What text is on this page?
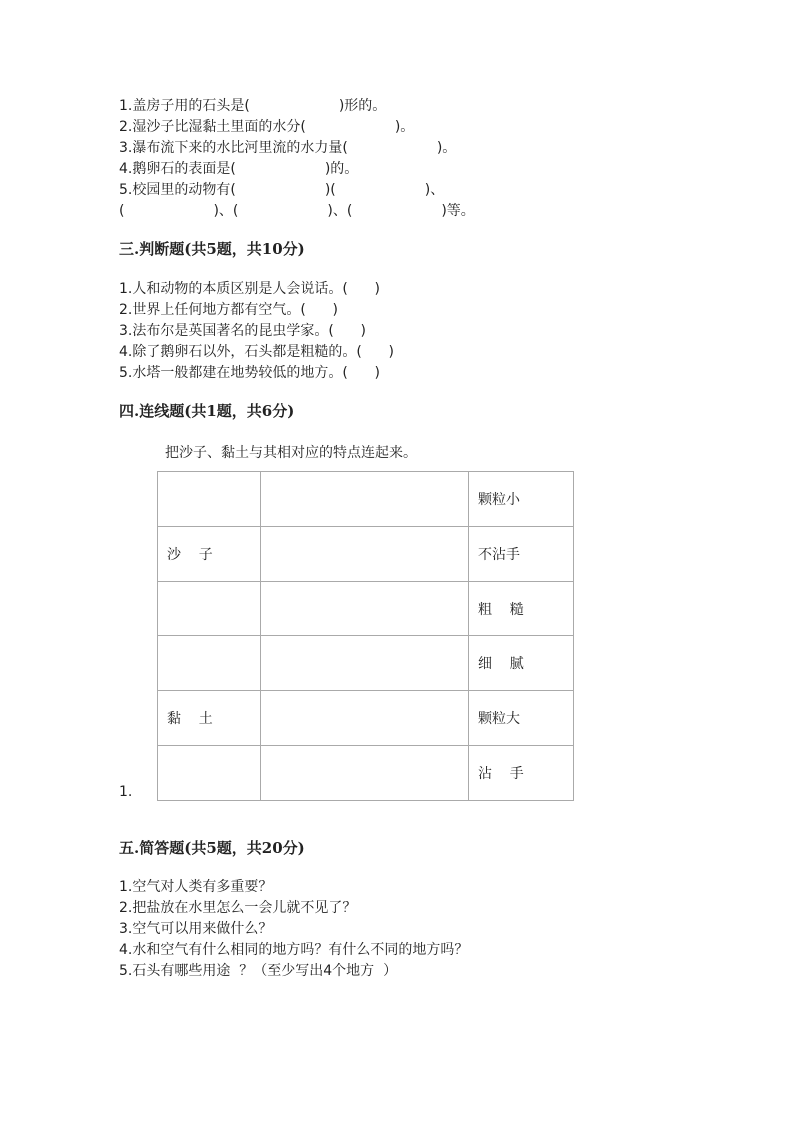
1.盖房子用的石头是(                    )形的。
2.湿沙子比湿黏土里面的水分(                    )。
3.瀑布流下来的水比河里流的水力量(                    )。
4.鹅卵石的表面是(                    )的。
5.校园里的动物有(                    )(                    )、
(                    )、(                    )、(                    )等。
三.判断题(共5题，共10分)
1.人和动物的本质区别是人会说话。(      )
2.世界上任何地方都有空气。(      )
3.法布尔是英国著名的昆虫学家。(      )
4.除了鹅卵石以外，石头都是粗糙的。(      )
5.水塔一般都建在地势较低的地方。(      )
四.连线题(共1题，共6分)
把沙子、黏土与其相对应的特点连起来。
1.
		颗粒小
沙    子		不沾手
		粗    糙
		细    腻
黏    土		颗粒大
		沾    手
五.简答题(共5题，共20分)
1.空气对人类有多重要？
2.把盐放在水里怎么一会儿就不见了？
3.空气可以用来做什么？
4.水和空气有什么相同的地方吗？有什么不同的地方吗？
5.石头有哪些用途  ？（至少写出4个地方  ）
